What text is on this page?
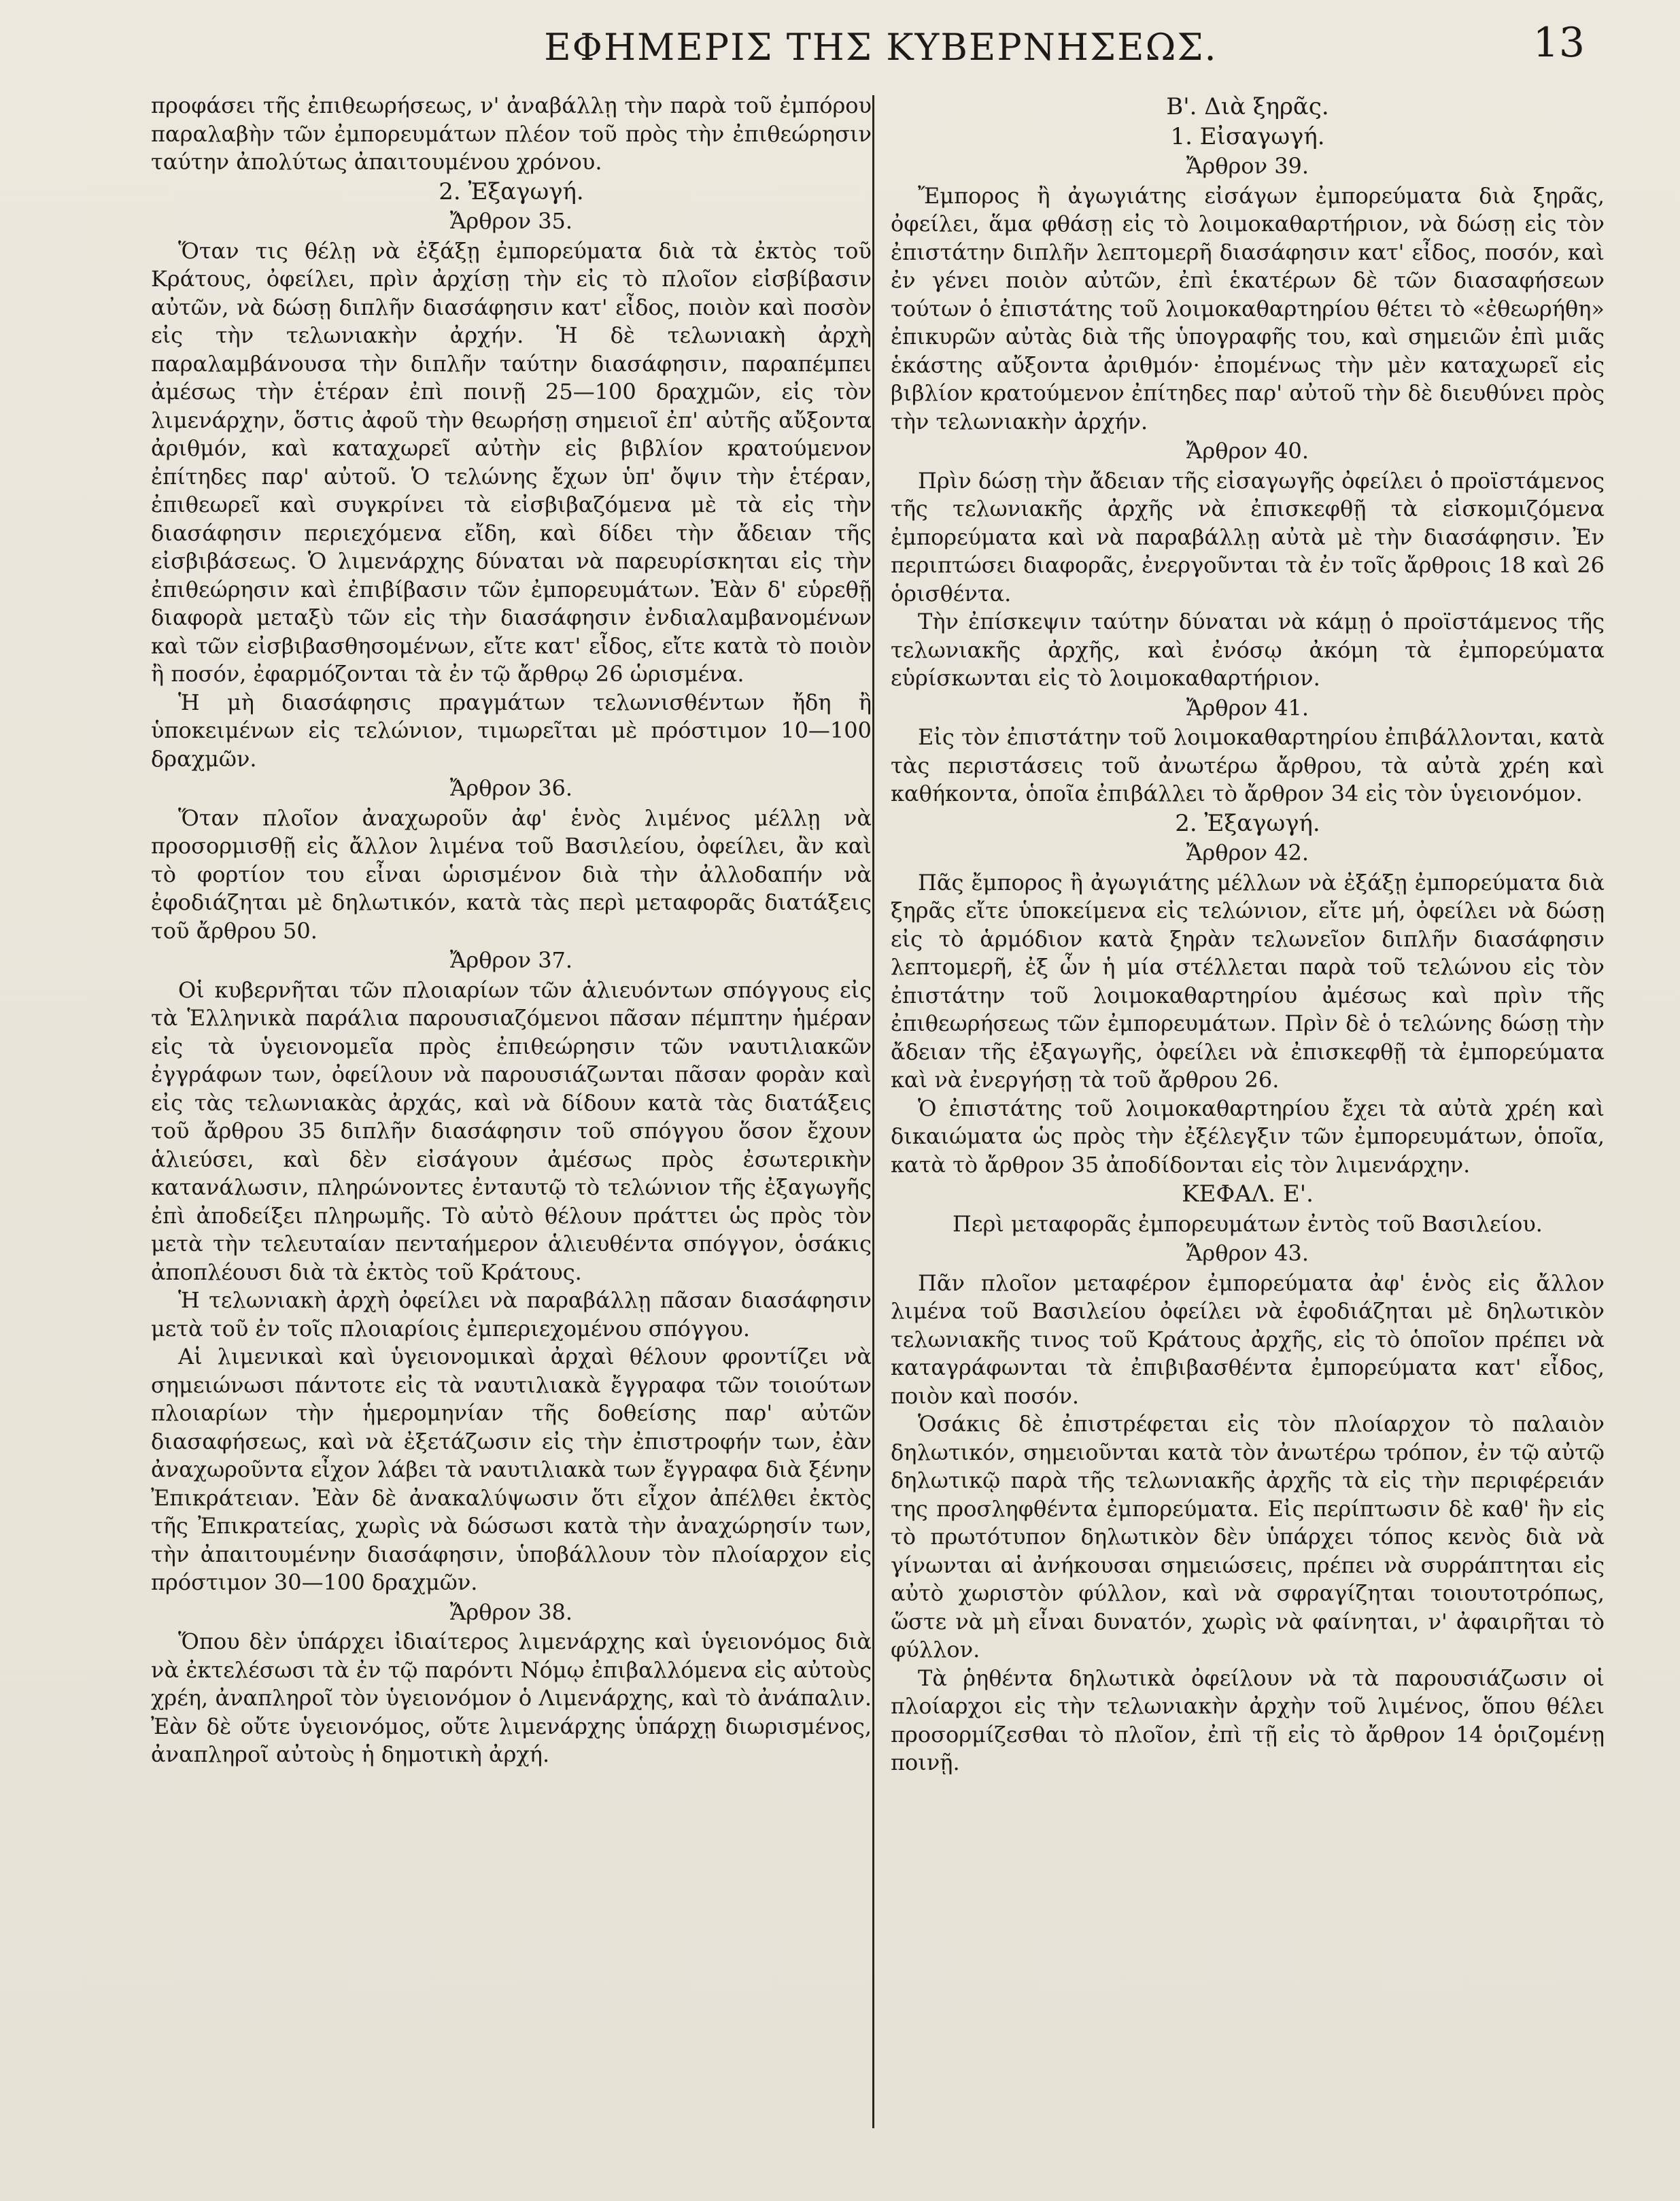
ΕΦΗΜΕΡΙΣ ΤΗΣ ΚΥΒΕΡΝΗΣΕΩΣ.	13

προφάσει τῆς ἐπιθεωρήσεως, ν' ἀναβάλλῃ τὴν παρὰ τοῦ ἐμπόρου παραλαβὴν τῶν ἐμπορευμάτων πλέον τοῦ πρὸς τὴν ἐπιθεώρησιν ταύτην ἀπολύτως ἀπαιτουμένου χρόνου.

2. Ἐξαγωγή.
Ἄρθρον 35.

Ὅταν τις θέλῃ νὰ ἐξάξῃ ἐμπορεύματα διὰ τὰ ἐκτὸς τοῦ Κράτους, ὀφείλει, πρὶν ἀρχίσῃ τὴν εἰς τὸ πλοῖον εἰσβίβασιν αὐτῶν, νὰ δώσῃ διπλῆν διασάφησιν κατ' εἶδος, ποιὸν καὶ ποσὸν εἰς τὴν τελωνιακὴν ἀρχήν. Ἡ δὲ τελωνιακὴ ἀρχὴ παραλαμβάνουσα τὴν διπλῆν ταύτην διασάφησιν, παραπέμπει ἀμέσως τὴν ἑτέραν ἐπὶ ποινῇ 25—100 δραχμῶν, εἰς τὸν λιμενάρχην, ὅστις ἀφοῦ τὴν θεωρήσῃ σημειοῖ ἐπ' αὐτῆς αὔξοντα ἀριθμόν, καὶ καταχωρεῖ αὐτὴν εἰς βιβλίον κρατούμενον ἐπίτηδες παρ' αὐτοῦ. Ὁ τελώνης ἔχων ὑπ' ὄψιν τὴν ἑτέραν, ἐπιθεωρεῖ καὶ συγκρίνει τὰ εἰσβιβαζόμενα μὲ τὰ εἰς τὴν διασάφησιν περιεχόμενα εἴδη, καὶ δίδει τὴν ἄδειαν τῆς εἰσβιβάσεως. Ὁ λιμενάρχης δύναται νὰ παρευρίσκηται εἰς τὴν ἐπιθεώρησιν καὶ ἐπιβίβασιν τῶν ἐμπορευμάτων. Ἐὰν δ' εὑρεθῇ διαφορὰ μεταξὺ τῶν εἰς τὴν διασάφησιν ἐνδιαλαμβανομένων καὶ τῶν εἰσβιβασθησομένων, εἴτε κατ' εἶδος, εἴτε κατὰ τὸ ποιὸν ἢ ποσόν, ἐφαρμόζονται τὰ ἐν τῷ ἄρθρῳ 26 ὡρισμένα.

Ἡ μὴ διασάφησις πραγμάτων τελωνισθέντων ἤδη ἢ ὑποκειμένων εἰς τελώνιον, τιμωρεῖται μὲ πρόστιμον 10—100 δραχμῶν.

Ἄρθρον 36.

Ὅταν πλοῖον ἀναχωροῦν ἀφ' ἑνὸς λιμένος μέλλῃ νὰ προσορμισθῇ εἰς ἄλλον λιμένα τοῦ Βασιλείου, ὀφείλει, ἂν καὶ τὸ φορτίον του εἶναι ὡρισμένον διὰ τὴν ἀλλοδαπήν νὰ ἐφοδιάζηται μὲ δηλωτικόν, κατὰ τὰς περὶ μεταφορᾶς διατάξεις τοῦ ἄρθρου 50.

Ἄρθρον 37.

Οἱ κυβερνῆται τῶν πλοιαρίων τῶν ἁλιευόντων σπόγγους εἰς τὰ Ἑλληνικὰ παράλια παρουσιαζόμενοι πᾶσαν πέμπτην ἡμέραν εἰς τὰ ὑγειονομεῖα πρὸς ἐπιθεώρησιν τῶν ναυτιλιακῶν ἐγγράφων των, ὀφείλουν νὰ παρουσιάζωνται πᾶσαν φορὰν καὶ εἰς τὰς τελωνιακὰς ἀρχάς, καὶ νὰ δίδουν κατὰ τὰς διατάξεις τοῦ ἄρθρου 35 διπλῆν διασάφησιν τοῦ σπόγγου ὅσον ἔχουν ἁλιεύσει, καὶ δὲν εἰσάγουν ἀμέσως πρὸς ἐσωτερικὴν κατανάλωσιν, πληρώνοντες ἐνταυτῷ τὸ τελώνιον τῆς ἐξαγωγῆς ἐπὶ ἀποδείξει πληρωμῆς. Τὸ αὐτὸ θέλουν πράττει ὡς πρὸς τὸν μετὰ τὴν τελευταίαν πενταήμερον ἁλιευθέντα σπόγγον, ὁσάκις ἀποπλέουσι διὰ τὰ ἐκτὸς τοῦ Κράτους.

Ἡ τελωνιακὴ ἀρχὴ ὀφείλει νὰ παραβάλλῃ πᾶσαν διασάφησιν μετὰ τοῦ ἐν τοῖς πλοιαρίοις ἐμπεριεχομένου σπόγγου.

Αἱ λιμενικαὶ καὶ ὑγειονομικαὶ ἀρχαὶ θέλουν φροντίζει νὰ σημειώνωσι πάντοτε εἰς τὰ ναυτιλιακὰ ἔγγραφα τῶν τοιούτων πλοιαρίων τὴν ἡμερομηνίαν τῆς δοθείσης παρ' αὐτῶν διασαφήσεως, καὶ νὰ ἐξετάζωσιν εἰς τὴν ἐπιστροφήν των, ἐὰν ἀναχωροῦντα εἶχον λάβει τὰ ναυτιλιακὰ των ἔγγραφα διὰ ξένην Ἐπικράτειαν. Ἐὰν δὲ ἀνακαλύψωσιν ὅτι εἶχον ἀπέλθει ἐκτὸς τῆς Ἐπικρατείας, χωρὶς νὰ δώσωσι κατὰ τὴν ἀναχώρησίν των, τὴν ἀπαιτουμένην διασάφησιν, ὑποβάλλουν τὸν πλοίαρχον εἰς πρόστιμον 30—100 δραχμῶν.

Ἄρθρον 38.

Ὅπου δὲν ὑπάρχει ἰδιαίτερος λιμενάρχης καὶ ὑγειονόμος διὰ νὰ ἐκτελέσωσι τὰ ἐν τῷ παρόντι Νόμῳ ἐπιβαλλόμενα εἰς αὐτοὺς χρέη, ἀναπληροῖ τὸν ὑγειονόμον ὁ Λιμενάρχης, καὶ τὸ ἀνάπαλιν. Ἐὰν δὲ οὔτε ὑγειονόμος, οὔτε λιμενάρχης ὑπάρχῃ διωρισμένος, ἀναπληροῖ αὐτοὺς ἡ δημοτικὴ ἀρχή.

Β'. Διὰ ξηρᾶς.
1. Εἰσαγωγή.
Ἄρθρον 39.

Ἔμπορος ἢ ἀγωγιάτης εἰσάγων ἐμπορεύματα διὰ ξηρᾶς, ὀφείλει, ἅμα φθάσῃ εἰς τὸ λοιμοκαθαρτήριον, νὰ δώσῃ εἰς τὸν ἐπιστάτην διπλῆν λεπτομερῆ διασάφησιν κατ' εἶδος, ποσόν, καὶ ἐν γένει ποιὸν αὐτῶν, ἐπὶ ἑκατέρων δὲ τῶν διασαφήσεων τούτων ὁ ἐπιστάτης τοῦ λοιμοκαθαρτηρίου θέτει τὸ «ἐθεωρήθη» ἐπικυρῶν αὐτὰς διὰ τῆς ὑπογραφῆς του, καὶ σημειῶν ἐπὶ μιᾶς ἑκάστης αὔξοντα ἀριθμόν· ἐπομένως τὴν μὲν καταχωρεῖ εἰς βιβλίον κρατούμενον ἐπίτηδες παρ' αὐτοῦ τὴν δὲ διευθύνει πρὸς τὴν τελωνιακὴν ἀρχήν.

Ἄρθρον 40.

Πρὶν δώσῃ τὴν ἄδειαν τῆς εἰσαγωγῆς ὀφείλει ὁ προϊστάμενος τῆς τελωνιακῆς ἀρχῆς νὰ ἐπισκεφθῇ τὰ εἰσκομιζόμενα ἐμπορεύματα καὶ νὰ παραβάλλῃ αὐτὰ μὲ τὴν διασάφησιν. Ἐν περιπτώσει διαφορᾶς, ἐνεργοῦνται τὰ ἐν τοῖς ἄρθροις 18 καὶ 26 ὁρισθέντα.

Τὴν ἐπίσκεψιν ταύτην δύναται νὰ κάμῃ ὁ προϊστάμενος τῆς τελωνιακῆς ἀρχῆς, καὶ ἐνόσῳ ἀκόμη τὰ ἐμπορεύματα εὑρίσκωνται εἰς τὸ λοιμοκαθαρτήριον.

Ἄρθρον 41.

Εἰς τὸν ἐπιστάτην τοῦ λοιμοκαθαρτηρίου ἐπιβάλλονται, κατὰ τὰς περιστάσεις τοῦ ἀνωτέρω ἄρθρου, τὰ αὐτὰ χρέη καὶ καθήκοντα, ὁποῖα ἐπιβάλλει τὸ ἄρθρον 34 εἰς τὸν ὑγειονόμον.

2. Ἐξαγωγή.
Ἄρθρον 42.

Πᾶς ἔμπορος ἢ ἀγωγιάτης μέλλων νὰ ἐξάξῃ ἐμπορεύματα διὰ ξηρᾶς εἴτε ὑποκείμενα εἰς τελώνιον, εἴτε μή, ὀφείλει νὰ δώσῃ εἰς τὸ ἁρμόδιον κατὰ ξηρὰν τελωνεῖον διπλῆν διασάφησιν λεπτομερῆ, ἐξ ὧν ἡ μία στέλλεται παρὰ τοῦ τελώνου εἰς τὸν ἐπιστάτην τοῦ λοιμοκαθαρτηρίου ἀμέσως καὶ πρὶν τῆς ἐπιθεωρήσεως τῶν ἐμπορευμάτων. Πρὶν δὲ ὁ τελώνης δώσῃ τὴν ἄδειαν τῆς ἐξαγωγῆς, ὀφείλει νὰ ἐπισκεφθῇ τὰ ἐμπορεύματα καὶ νὰ ἐνεργήσῃ τὰ τοῦ ἄρθρου 26.

Ὁ ἐπιστάτης τοῦ λοιμοκαθαρτηρίου ἔχει τὰ αὐτὰ χρέη καὶ δικαιώματα ὡς πρὸς τὴν ἐξέλεγξιν τῶν ἐμπορευμάτων, ὁποῖα, κατὰ τὸ ἄρθρον 35 ἀποδίδονται εἰς τὸν λιμενάρχην.

ΚΕΦΑΛ. Ε'.
Περὶ μεταφορᾶς ἐμπορευμάτων ἐντὸς τοῦ Βασιλείου.
Ἄρθρον 43.

Πᾶν πλοῖον μεταφέρον ἐμπορεύματα ἀφ' ἑνὸς εἰς ἄλλον λιμένα τοῦ Βασιλείου ὀφείλει νὰ ἐφοδιάζηται μὲ δηλωτικὸν τελωνιακῆς τινος τοῦ Κράτους ἀρχῆς, εἰς τὸ ὁποῖον πρέπει νὰ καταγράφωνται τὰ ἐπιβιβασθέντα ἐμπορεύματα κατ' εἶδος, ποιὸν καὶ ποσόν.

Ὁσάκις δὲ ἐπιστρέφεται εἰς τὸν πλοίαρχον τὸ παλαιὸν δηλωτικόν, σημειοῦνται κατὰ τὸν ἀνωτέρω τρόπον, ἐν τῷ αὐτῷ δηλωτικῷ παρὰ τῆς τελωνιακῆς ἀρχῆς τὰ εἰς τὴν περιφέρειάν της προσληφθέντα ἐμπορεύματα. Εἰς περίπτωσιν δὲ καθ' ἣν εἰς τὸ πρωτότυπον δηλωτικὸν δὲν ὑπάρχει τόπος κενὸς διὰ νὰ γίνωνται αἱ ἀνήκουσαι σημειώσεις, πρέπει νὰ συρράπτηται εἰς αὐτὸ χωριστὸν φύλλον, καὶ νὰ σφραγίζηται τοιουτοτρόπως, ὥστε νὰ μὴ εἶναι δυνατόν, χωρὶς νὰ φαίνηται, ν' ἀφαιρῆται τὸ φύλλον.

Τὰ ῥηθέντα δηλωτικὰ ὀφείλουν νὰ τὰ παρουσιάζωσιν οἱ πλοίαρχοι εἰς τὴν τελωνιακὴν ἀρχὴν τοῦ λιμένος, ὅπου θέλει προσορμίζεσθαι τὸ πλοῖον, ἐπὶ τῇ εἰς τὸ ἄρθρον 14 ὁριζομένῃ ποινῇ.
